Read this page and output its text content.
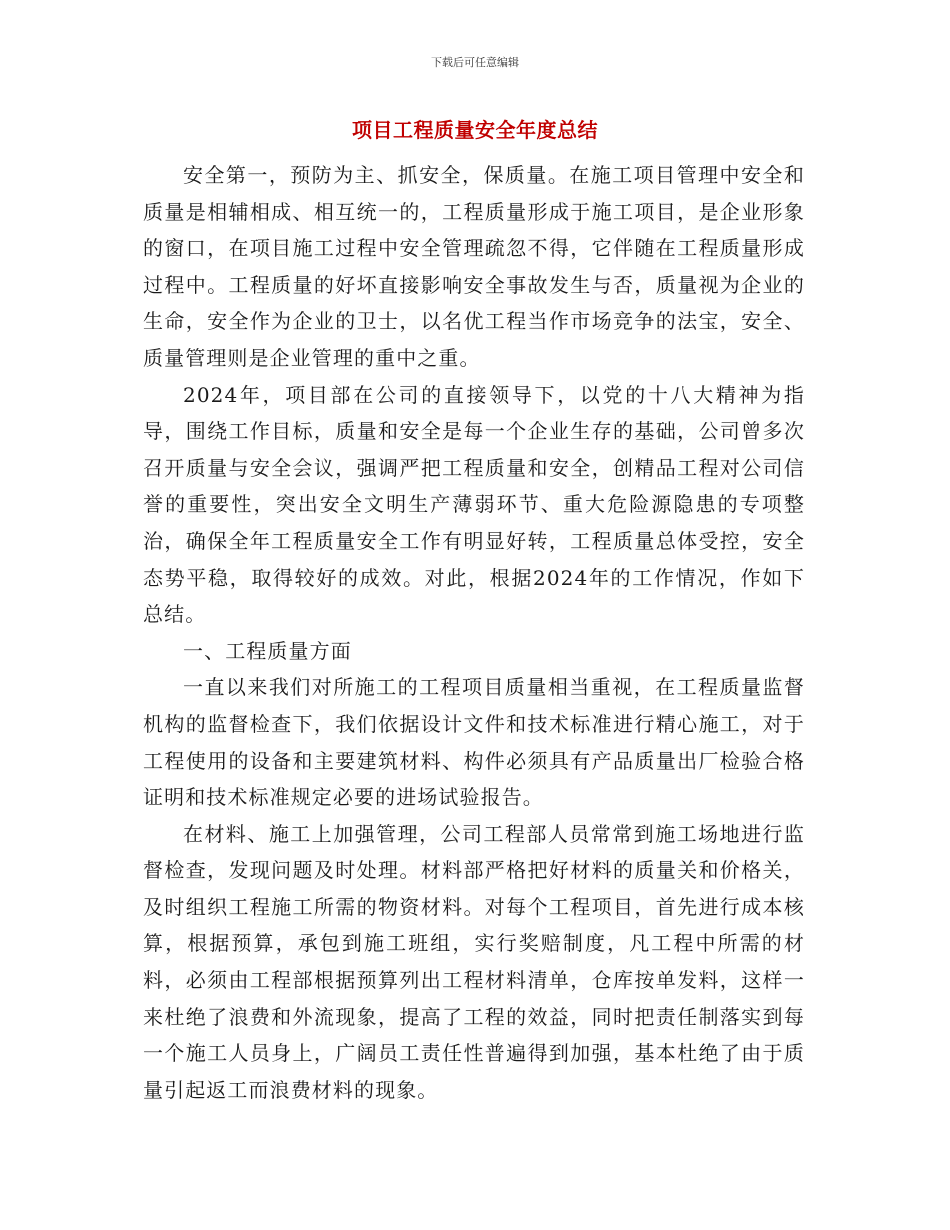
下载后可任意编辑
项目工程质量安全年度总结

安全第一，预防为主、抓安全，保质量。在施工项目管理中安全和质量是相辅相成、相互统一的，工程质量形成于施工项目，是企业形象的窗口，在项目施工过程中安全管理疏忽不得，它伴随在工程质量形成过程中。工程质量的好坏直接影响安全事故发生与否，质量视为企业的生命，安全作为企业的卫士，以名优工程当作市场竞争的法宝，安全、质量管理则是企业管理的重中之重。

2024年，项目部在公司的直接领导下，以党的十八大精神为指导，围绕工作目标，质量和安全是每一个企业生存的基础，公司曾多次召开质量与安全会议，强调严把工程质量和安全，创精品工程对公司信誉的重要性，突出安全文明生产薄弱环节、重大危险源隐患的专项整治，确保全年工程质量安全工作有明显好转，工程质量总体受控，安全态势平稳，取得较好的成效。对此，根据2024年的工作情况，作如下总结。

一、工程质量方面

一直以来我们对所施工的工程项目质量相当重视，在工程质量监督机构的监督检查下，我们依据设计文件和技术标准进行精心施工，对于工程使用的设备和主要建筑材料、构件必须具有产品质量出厂检验合格证明和技术标准规定必要的进场试验报告。

在材料、施工上加强管理，公司工程部人员常常到施工场地进行监督检查，发现问题及时处理。材料部严格把好材料的质量关和价格关，及时组织工程施工所需的物资材料。对每个工程项目，首先进行成本核算，根据预算，承包到施工班组，实行奖赔制度，凡工程中所需的材料，必须由工程部根据预算列出工程材料清单，仓库按单发料，这样一来杜绝了浪费和外流现象，提高了工程的效益，同时把责任制落实到每一个施工人员身上，广阔员工责任性普遍得到加强，基本杜绝了由于质量引起返工而浪费材料的现象。
